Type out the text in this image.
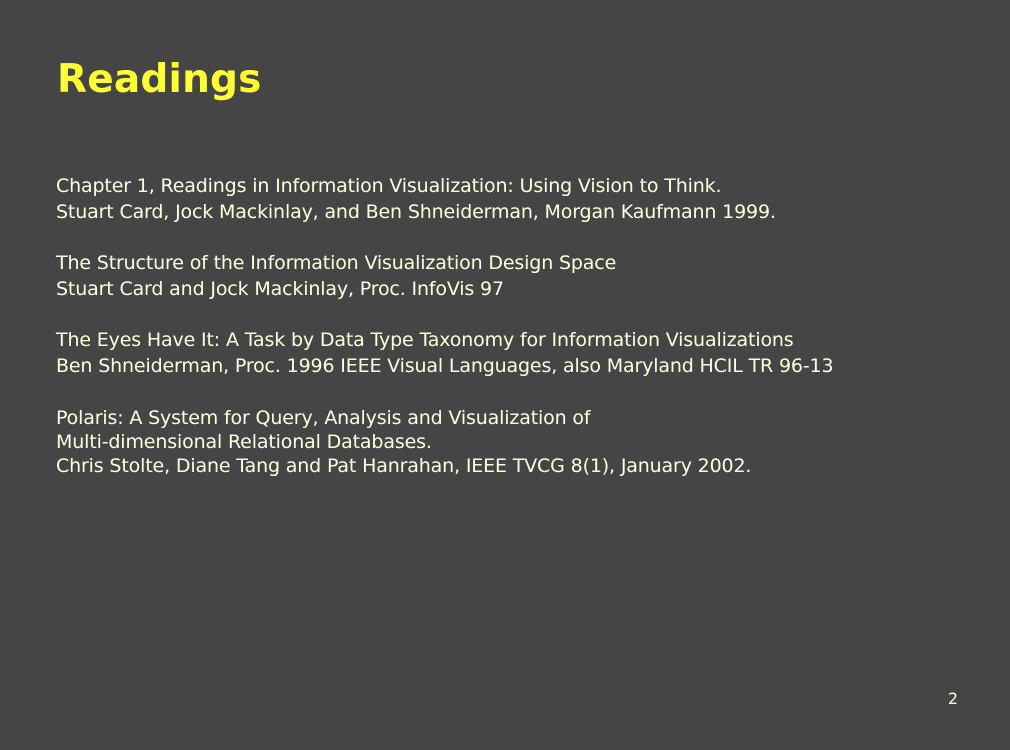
Readings
Chapter 1, Readings in Information Visualization: Using Vision to Think.
Stuart Card, Jock Mackinlay, and Ben Shneiderman, Morgan Kaufmann 1999.
The Structure of the Information Visualization Design Space
Stuart Card and Jock Mackinlay, Proc. InfoVis 97
The Eyes Have It: A Task by Data Type Taxonomy for Information Visualizations
Ben Shneiderman, Proc. 1996 IEEE Visual Languages, also Maryland HCIL TR 96-13
Polaris: A System for Query, Analysis and Visualization of
Multi-dimensional Relational Databases.
Chris Stolte, Diane Tang and Pat Hanrahan, IEEE TVCG 8(1), January 2002.
2
